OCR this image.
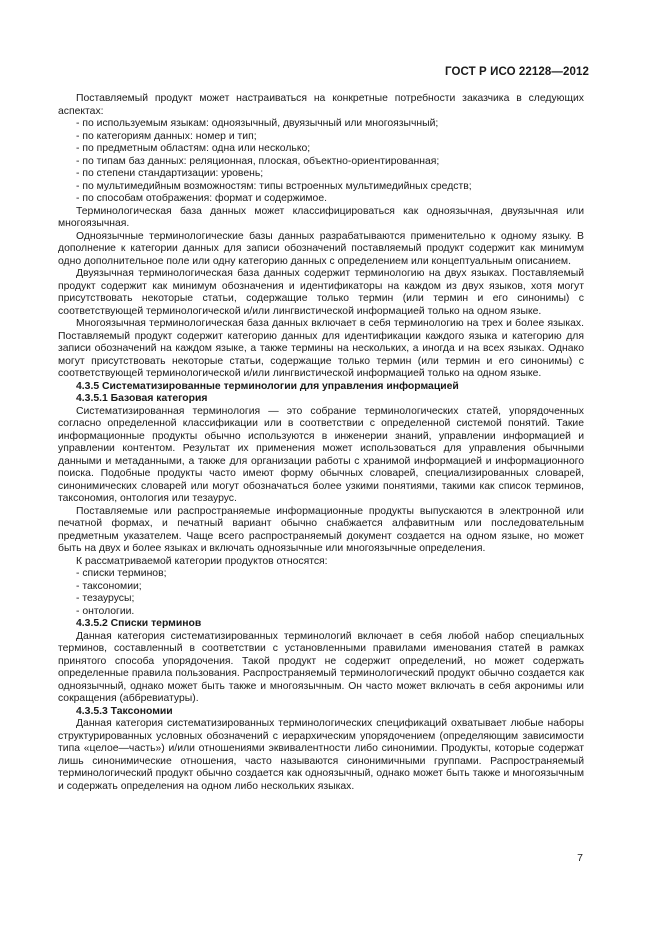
ГОСТ Р ИСО 22128—2012

Поставляемый продукт может настраиваться на конкретные потребности заказчика в следующих аспектах:

- по используемым языкам: одноязычный, двуязычный или многоязычный;
- по категориям данных: номер и тип;
- по предметным областям: одна или несколько;
- по типам баз данных: реляционная, плоская, объектно-ориентированная;
- по степени стандартизации: уровень;
- по мультимедийным возможностям: типы встроенных мультимедийных средств;
- по способам отображения: формат и содержимое.

Терминологическая база данных может классифицироваться как одноязычная, двуязычная или многоязычная.

Одноязычные терминологические базы данных разрабатываются применительно к одному языку. В дополнение к категории данных для записи обозначений поставляемый продукт содержит как минимум одно дополнительное поле или одну категорию данных с определением или концептуальным описанием.

Двуязычная терминологическая база данных содержит терминологию на двух языках. Поставляемый продукт содержит как минимум обозначения и идентификаторы на каждом из двух языков, хотя могут присутствовать некоторые статьи, содержащие только термин (или термин и его синонимы) с соответствующей терминологической и/или лингвистической информацией только на одном языке.

Многоязычная терминологическая база данных включает в себя терминологию на трех и более языках. Поставляемый продукт содержит категорию данных для идентификации каждого языка и категорию для записи обозначений на каждом языке, а также термины на нескольких, а иногда и на всех языках. Однако могут присутствовать некоторые статьи, содержащие только термин (или термин и его синонимы) с соответствующей терминологической и/или лингвистической информацией только на одном языке.

4.3.5 Систематизированные терминологии для управления информацией
4.3.5.1 Базовая категория

Систематизированная терминология — это собрание терминологических статей, упорядоченных согласно определенной классификации или в соответствии с определенной системой понятий. Такие информационные продукты обычно используются в инженерии знаний, управлении информацией и управлении контентом. Результат их применения может использоваться для управления обычными данными и метаданными, а также для организации работы с хранимой информацией и информационного поиска. Подобные продукты часто имеют форму обычных словарей, специализированных словарей, синонимических словарей или могут обозначаться более узкими понятиями, такими как список терминов, таксономия, онтология или тезаурус.

Поставляемые или распространяемые информационные продукты выпускаются в электронной или печатной формах, и печатный вариант обычно снабжается алфавитным или последовательным предметным указателем. Чаще всего распространяемый документ создается на одном языке, но может быть на двух и более языках и включать одноязычные или многоязычные определения.

К рассматриваемой категории продуктов относятся:

- списки терминов;
- таксономии;
- тезаурусы;
- онтологии.
4.3.5.2 Списки терминов

Данная категория систематизированных терминологий включает в себя любой набор специальных терминов, составленный в соответствии с установленными правилами именования статей в рамках принятого способа упорядочения. Такой продукт не содержит определений, но может содержать определенные правила пользования. Распространяемый терминологический продукт обычно создается как одноязычный, однако может быть также и многоязычным. Он часто может включать в себя акронимы или сокращения (аббревиатуры).

4.3.5.3 Таксономии

Данная категория систематизированных терминологических спецификаций охватывает любые наборы структурированных условных обозначений с иерархическим упорядочением (определяющим зависимости типа «целое—часть») и/или отношениями эквивалентности либо синонимии. Продукты, которые содержат лишь синонимические отношения, часто называются синонимичными группами. Распространяемый терминологический продукт обычно создается как одноязычный, однако может быть также и многоязычным и содержать определения на одном либо нескольких языках.

7
